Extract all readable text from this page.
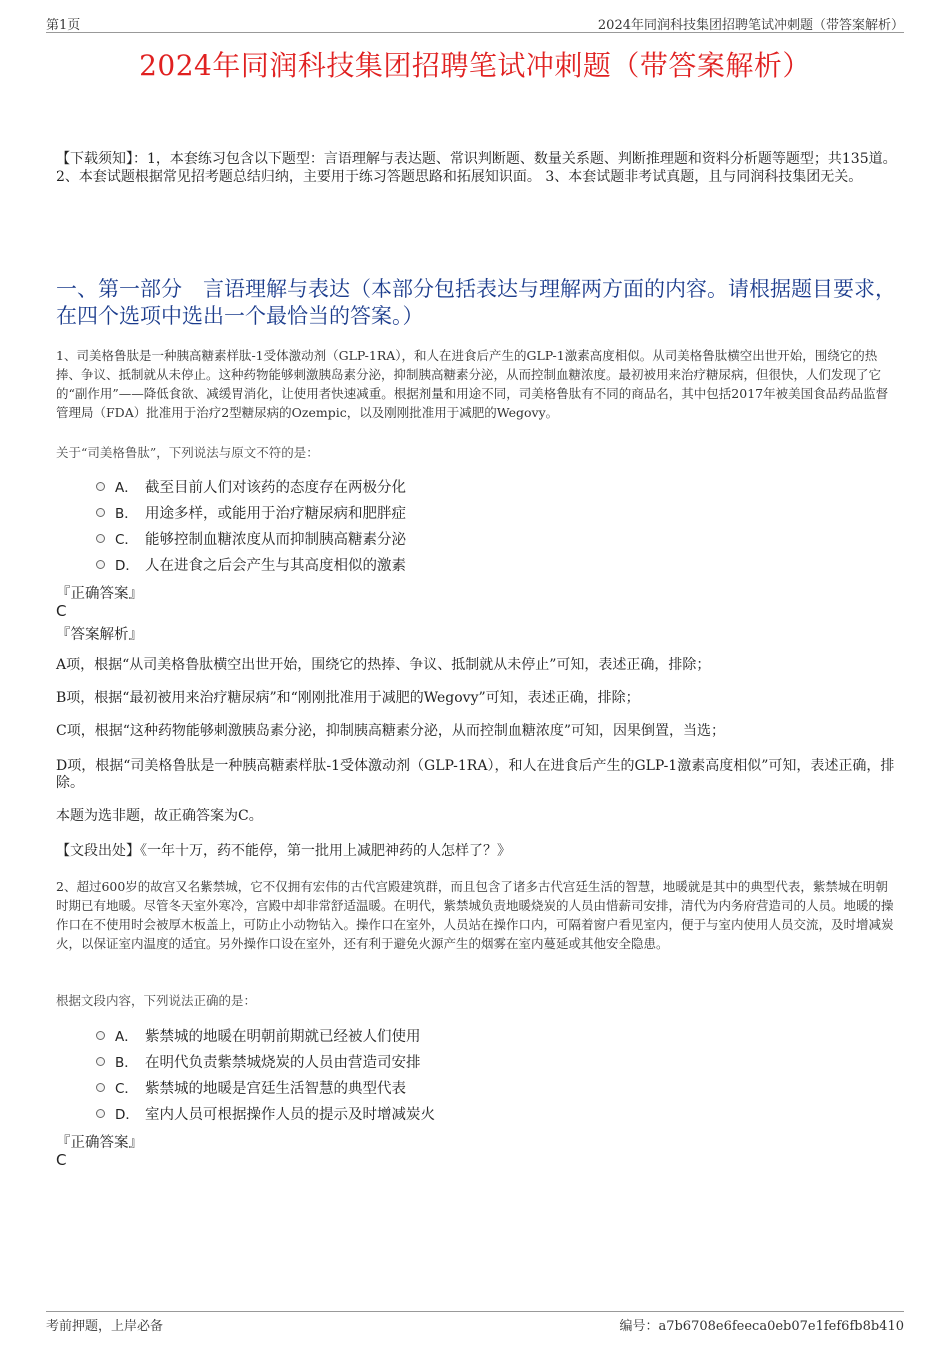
第1页	2024年同润科技集团招聘笔试冲刺题（带答案解析）
2024年同润科技集团招聘笔试冲刺题（带答案解析）
【下载须知】：1，本套练习包含以下题型：言语理解与表达题、常识判断题、数量关系题、判断推理题和资料分析题等题型；共135道。 2、本套试题根据常见招考题总结归纳，主要用于练习答题思路和拓展知识面。 3、本套试题非考试真题，且与同润科技集团无关。
一、第一部分　言语理解与表达（本部分包括表达与理解两方面的内容。请根据题目要求，在四个选项中选出一个最恰当的答案。）
1、司美格鲁肽是一种胰高糖素样肽-1受体激动剂（GLP-1RA），和人在进食后产生的GLP-1激素高度相似。从司美格鲁肽横空出世开始，围绕它的热捧、争议、抵制就从未停止。这种药物能够刺激胰岛素分泌，抑制胰高糖素分泌，从而控制血糖浓度。最初被用来治疗糖尿病，但很快，人们发现了它的“副作用”——降低食欲、减缓胃消化，让使用者快速减重。根据剂量和用途不同，司美格鲁肽有不同的商品名，其中包括2017年被美国食品药品监督管理局（FDA）批准用于治疗2型糖尿病的Ozempic，以及刚刚批准用于减肥的Wegovy。
关于“司美格鲁肽”，下列说法与原文不符的是：
A． 截至目前人们对该药的态度存在两极分化
B． 用途多样，或能用于治疗糖尿病和肥胖症
C． 能够控制血糖浓度从而抑制胰高糖素分泌
D． 人在进食之后会产生与其高度相似的激素
『正确答案』
C
『答案解析』
A项，根据“从司美格鲁肽横空出世开始，围绕它的热捧、争议、抵制就从未停止”可知，表述正确，排除；
B项，根据“最初被用来治疗糖尿病”和“刚刚批准用于减肥的Wegovy”可知，表述正确，排除；
C项，根据“这种药物能够刺激胰岛素分泌，抑制胰高糖素分泌，从而控制血糖浓度”可知，因果倒置，当选；
D项，根据“司美格鲁肽是一种胰高糖素样肽-1受体激动剂（GLP-1RA），和人在进食后产生的GLP-1激素高度相似”可知，表述正确，排除。
本题为选非题，故正确答案为C。
【文段出处】《一年十万，药不能停，第一批用上减肥神药的人怎样了？》
2、超过600岁的故宫又名紫禁城，它不仅拥有宏伟的古代宫殿建筑群，而且包含了诸多古代宫廷生活的智慧，地暖就是其中的典型代表，紫禁城在明朝时期已有地暖。尽管冬天室外寒冷，宫殿中却非常舒适温暖。在明代，紫禁城负责地暖烧炭的人员由惜薪司安排，清代为内务府营造司的人员。地暖的操作口在不使用时会被厚木板盖上，可防止小动物钻入。操作口在室外，人员站在操作口内，可隔着窗户看见室内，便于与室内使用人员交流，及时增减炭火，以保证室内温度的适宜。另外操作口设在室外，还有利于避免火源产生的烟雾在室内蔓延或其他安全隐患。
根据文段内容，下列说法正确的是：
A． 紫禁城的地暖在明朝前期就已经被人们使用
B． 在明代负责紫禁城烧炭的人员由营造司安排
C． 紫禁城的地暖是宫廷生活智慧的典型代表
D． 室内人员可根据操作人员的提示及时增减炭火
『正确答案』
C
考前押题，上岸必备	编号：a7b6708e6feeca0eb07e1fef6fb8b410
